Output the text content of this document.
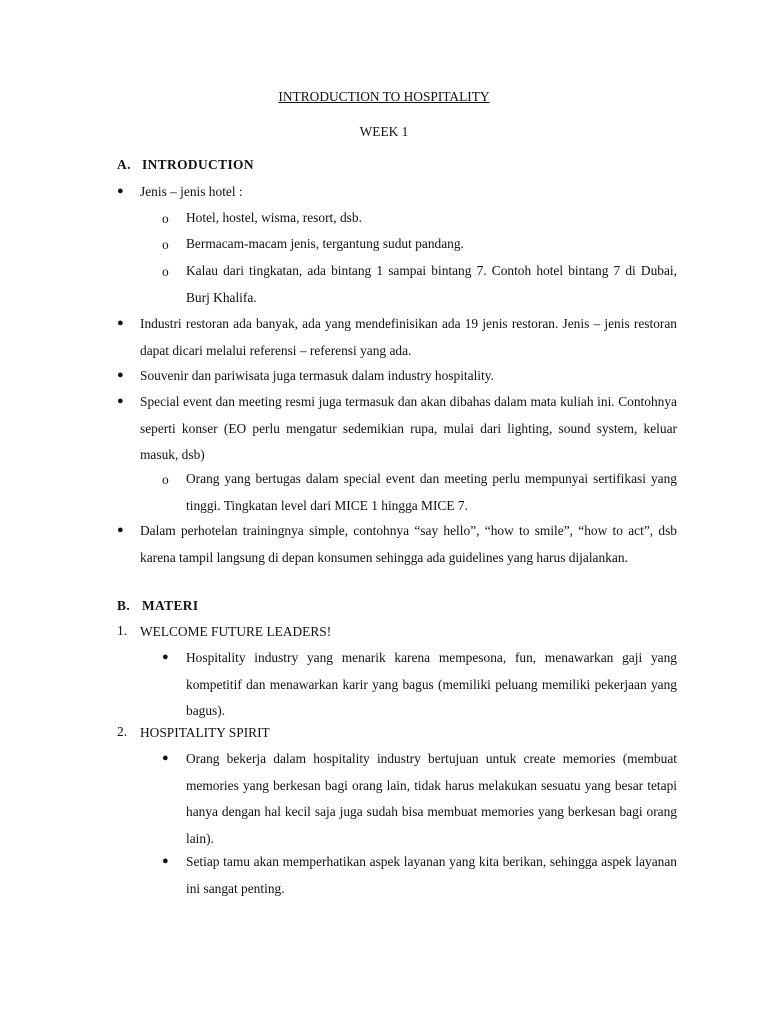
INTRODUCTION TO HOSPITALITY
WEEK 1
A. INTRODUCTION
● Jenis – jenis hotel :
o Hotel, hostel, wisma, resort, dsb.
o Bermacam-macam jenis, tergantung sudut pandang.
o Kalau dari tingkatan, ada bintang 1 sampai bintang 7. Contoh hotel bintang 7 di Dubai, Burj Khalifa.
● Industri restoran ada banyak, ada yang mendefinisikan ada 19 jenis restoran. Jenis – jenis restoran dapat dicari melalui referensi – referensi yang ada.
● Souvenir dan pariwisata juga termasuk dalam industry hospitality.
● Special event dan meeting resmi juga termasuk dan akan dibahas dalam mata kuliah ini. Contohnya seperti konser (EO perlu mengatur sedemikian rupa, mulai dari lighting, sound system, keluar masuk, dsb)
o Orang yang bertugas dalam special event dan meeting perlu mempunyai sertifikasi yang tinggi. Tingkatan level dari MICE 1 hingga MICE 7.
● Dalam perhotelan trainingnya simple, contohnya “say hello”, “how to smile”, “how to act”, dsb karena tampil langsung di depan konsumen sehingga ada guidelines yang harus dijalankan.
B. MATERI
1. WELCOME FUTURE LEADERS!
● Hospitality industry yang menarik karena mempesona, fun, menawarkan gaji yang kompetitif dan menawarkan karir yang bagus (memiliki peluang memiliki pekerjaan yang bagus).
2. HOSPITALITY SPIRIT
● Orang bekerja dalam hospitality industry bertujuan untuk create memories (membuat memories yang berkesan bagi orang lain, tidak harus melakukan sesuatu yang besar tetapi hanya dengan hal kecil saja juga sudah bisa membuat memories yang berkesan bagi orang lain).
● Setiap tamu akan memperhatikan aspek layanan yang kita berikan, sehingga aspek layanan ini sangat penting.
